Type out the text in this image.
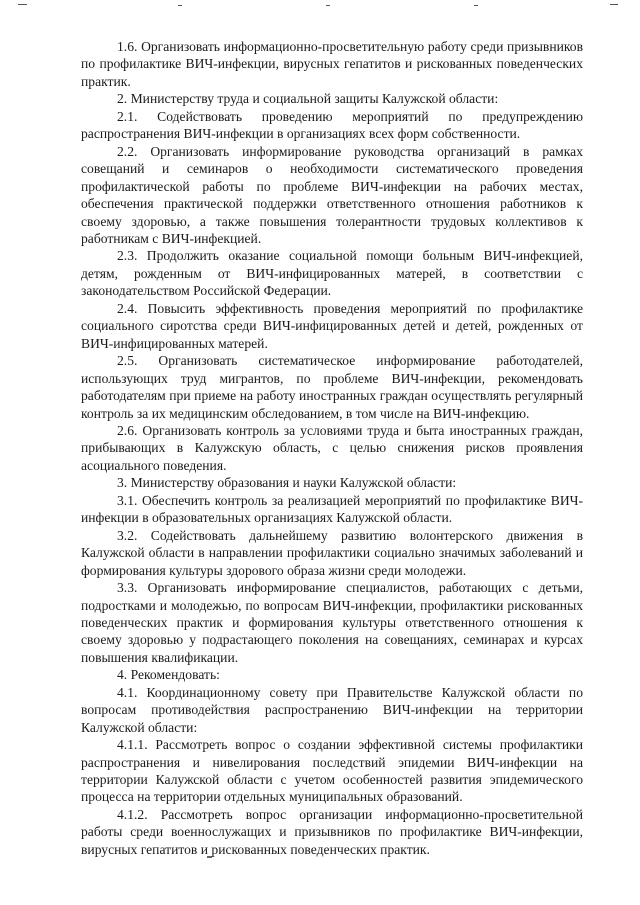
1.6. Организовать информационно-просветительную работу среди призывников по профилактике ВИЧ-инфекции, вирусных гепатитов и рискованных поведенческих практик.

2. Министерству труда и социальной защиты Калужской области:

2.1. Содействовать проведению мероприятий по предупреждению распространения ВИЧ-инфекции в организациях всех форм собственности.

2.2. Организовать информирование руководства организаций в рамках совещаний и семинаров о необходимости систематического проведения профилактической работы по проблеме ВИЧ-инфекции на рабочих местах, обеспечения практической поддержки ответственного отношения работников к своему здоровью, а также повышения толерантности трудовых коллективов к работникам с ВИЧ-инфекцией.

2.3. Продолжить оказание социальной помощи больным ВИЧ-инфекцией, детям, рожденным от ВИЧ-инфицированных матерей, в соответствии с законодательством Российской Федерации.

2.4. Повысить эффективность проведения мероприятий по профилактике социального сиротства среди ВИЧ-инфицированных детей и детей, рожденных от ВИЧ-инфицированных матерей.

2.5. Организовать систематическое информирование работодателей, использующих труд мигрантов, по проблеме ВИЧ-инфекции, рекомендовать работодателям при приеме на работу иностранных граждан осуществлять регулярный контроль за их медицинским обследованием, в том числе на ВИЧ-инфекцию.

2.6. Организовать контроль за условиями труда и быта иностранных граждан, прибывающих в Калужскую область, с целью снижения рисков проявления асоциального поведения.

3. Министерству образования и науки Калужской области:

3.1. Обеспечить контроль за реализацией мероприятий по профилактике ВИЧ-инфекции в образовательных организациях Калужской области.

3.2. Содействовать дальнейшему развитию волонтерского движения в Калужской области в направлении профилактики социально значимых заболеваний и формирования культуры здорового образа жизни среди молодежи.

3.3. Организовать информирование специалистов, работающих с детьми, подростками и молодежью, по вопросам ВИЧ-инфекции, профилактики рискованных поведенческих практик и формирования культуры ответственного отношения к своему здоровью у подрастающего поколения на совещаниях, семинарах и курсах повышения квалификации.

4. Рекомендовать:

4.1. Координационному совету при Правительстве Калужской области по вопросам противодействия распространению ВИЧ-инфекции на территории Калужской области:

4.1.1. Рассмотреть вопрос о создании эффективной системы профилактики распространения и нивелирования последствий эпидемии ВИЧ-инфекции на территории Калужской области с учетом особенностей развития эпидемического процесса на территории отдельных муниципальных образований.

4.1.2. Рассмотреть вопрос организации информационно-просветительной работы среди военнослужащих и призывников по профилактике ВИЧ-инфекции, вирусных гепатитов и рискованных поведенческих практик.
